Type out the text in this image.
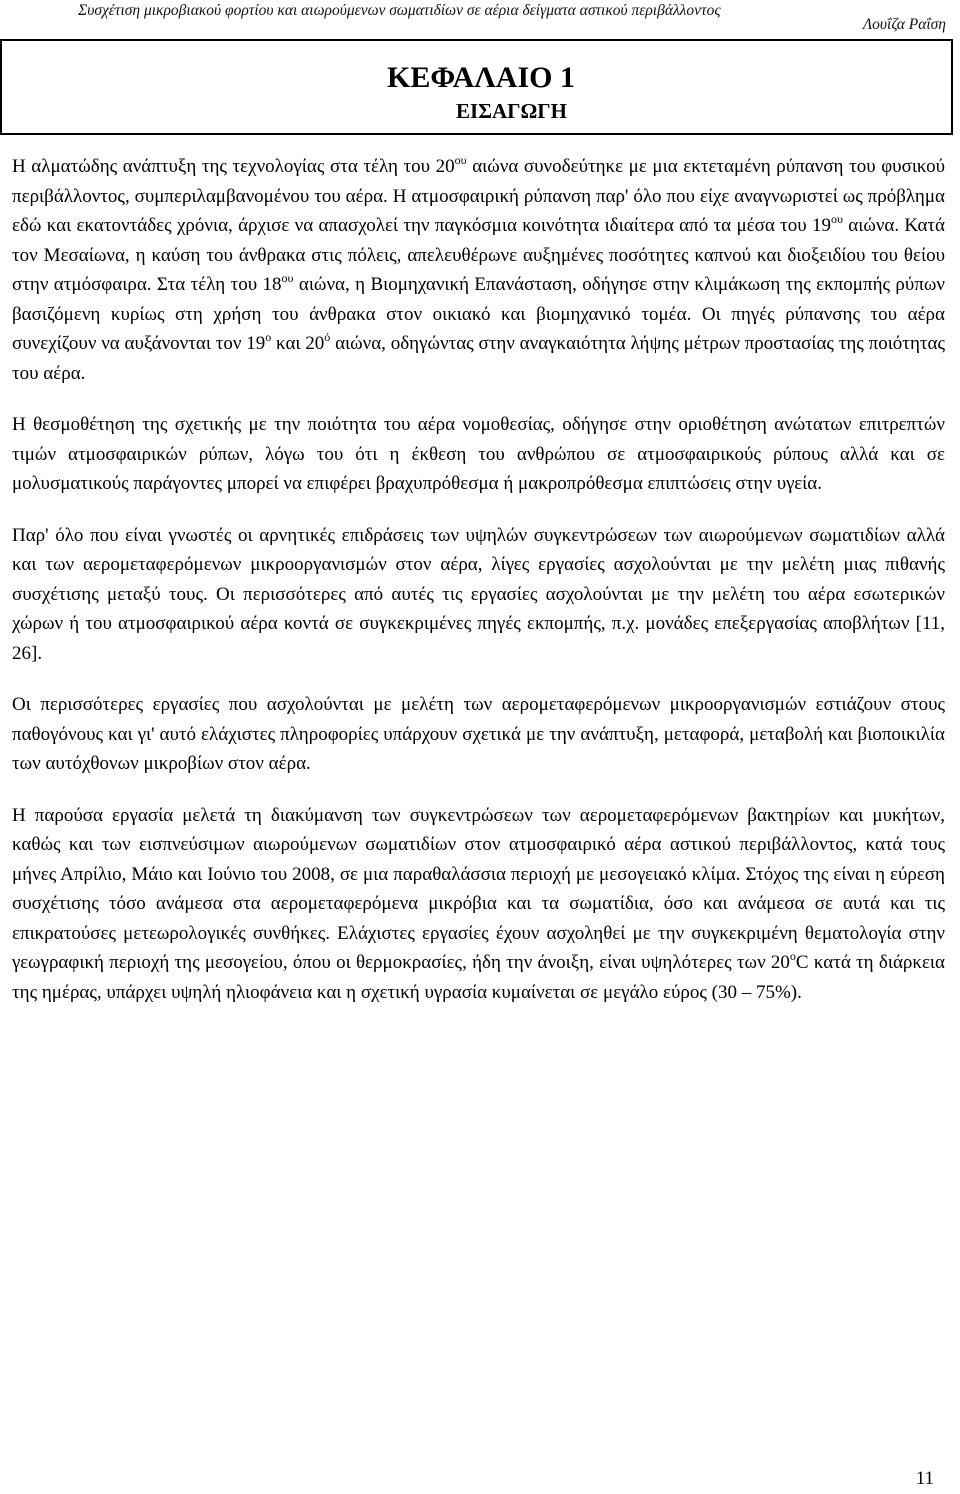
Συσχέτιση μικροβιακού φορτίου και αιωρούμενων σωματιδίων σε αέρια δείγματα αστικού περιβάλλοντος
Λουΐζα Ραΐση
ΚΕΦΑΛΑΙΟ 1
ΕΙΣΑΓΩΓΗ

Η αλματώδης ανάπτυξη της τεχνολογίας στα τέλη του $20^{o\upsilon}$ αιώνα συνοδεύτηκε με μια εκτεταμένη ρύπανση του φυσικού περιβάλλοντος, συμπεριλαμβανομένου του αέρα. Η ατμοσφαιρική ρύπανση παρ' όλο που είχε αναγνωριστεί ως πρόβλημα εδώ και εκατοντάδες χρόνια, άρχισε να απασχολεί την παγκόσμια κοινότητα ιδιαίτερα από τα μέσα του $19^{o\upsilon}$ αιώνα. Κατά τον Μεσαίωνα, η καύση του άνθρακα στις πόλεις, απελευθέρωνε αυξημένες ποσότητες καπνού και διοξειδίου του θείου στην ατμόσφαιρα. Στα τέλη του $18^{o\upsilon}$ αιώνα, η Βιομηχανική Επανάσταση, οδήγησε στην κλιμάκωση της εκπομπής ρύπων βασιζόμενη κυρίως στη χρήση του άνθρακα στον οικιακό και βιομηχανικό τομέα. Οι πηγές ρύπανσης του αέρα συνεχίζουν να αυξάνονται τον $19^o$ και $20^ό$ αιώνα, οδηγώντας στην αναγκαιότητα λήψης μέτρων προστασίας της ποιότητας του αέρα.

Η θεσμοθέτηση της σχετικής με την ποιότητα του αέρα νομοθεσίας, οδήγησε στην οριοθέτηση ανώτατων επιτρεπτών τιμών ατμοσφαιρικών ρύπων, λόγω του ότι η έκθεση του ανθρώπου σε ατμοσφαιρικούς ρύπους αλλά και σε μολυσματικούς παράγοντες μπορεί να επιφέρει βραχυπρόθεσμα ή μακροπρόθεσμα επιπτώσεις στην υγεία.

Παρ' όλο που είναι γνωστές οι αρνητικές επιδράσεις των υψηλών συγκεντρώσεων των αιωρούμενων σωματιδίων αλλά και των αερομεταφερόμενων μικροοργανισμών στον αέρα, λίγες εργασίες ασχολούνται με την μελέτη μιας πιθανής συσχέτισης μεταξύ τους. Οι περισσότερες από αυτές τις εργασίες ασχολούνται με την μελέτη του αέρα εσωτερικών χώρων ή του ατμοσφαιρικού αέρα κοντά σε συγκεκριμένες πηγές εκπομπής, π.χ. μονάδες επεξεργασίας αποβλήτων [11, 26].

Οι περισσότερες εργασίες που ασχολούνται με μελέτη των αερομεταφερόμενων μικροοργανισμών εστιάζουν στους παθογόνους και γι' αυτό ελάχιστες πληροφορίες υπάρχουν σχετικά με την ανάπτυξη, μεταφορά, μεταβολή και βιοποικιλία των αυτόχθονων μικροβίων στον αέρα.

Η παρούσα εργασία μελετά τη διακύμανση των συγκεντρώσεων των αερομεταφερόμενων βακτηρίων και μυκήτων, καθώς και των εισπνεύσιμων αιωρούμενων σωματιδίων στον ατμοσφαιρικό αέρα αστικού περιβάλλοντος, κατά τους μήνες Απρίλιο, Μάιο και Ιούνιο του 2008, σε μια παραθαλάσσια περιοχή με μεσογειακό κλίμα. Στόχος της είναι η εύρεση συσχέτισης τόσο ανάμεσα στα αερομεταφερόμενα μικρόβια και τα σωματίδια, όσο και ανάμεσα σε αυτά και τις επικρατούσες μετεωρολογικές συνθήκες. Ελάχιστες εργασίες έχουν ασχοληθεί με την συγκεκριμένη θεματολογία στην γεωγραφική περιοχή της μεσογείου, όπου οι θερμοκρασίες, ήδη την άνοιξη, είναι υψηλότερες των 20$^o$C κατά τη διάρκεια της ημέρας, υπάρχει υψηλή ηλιοφάνεια και η σχετική υγρασία κυμαίνεται σε μεγάλο εύρος (30 – 75%).

11
